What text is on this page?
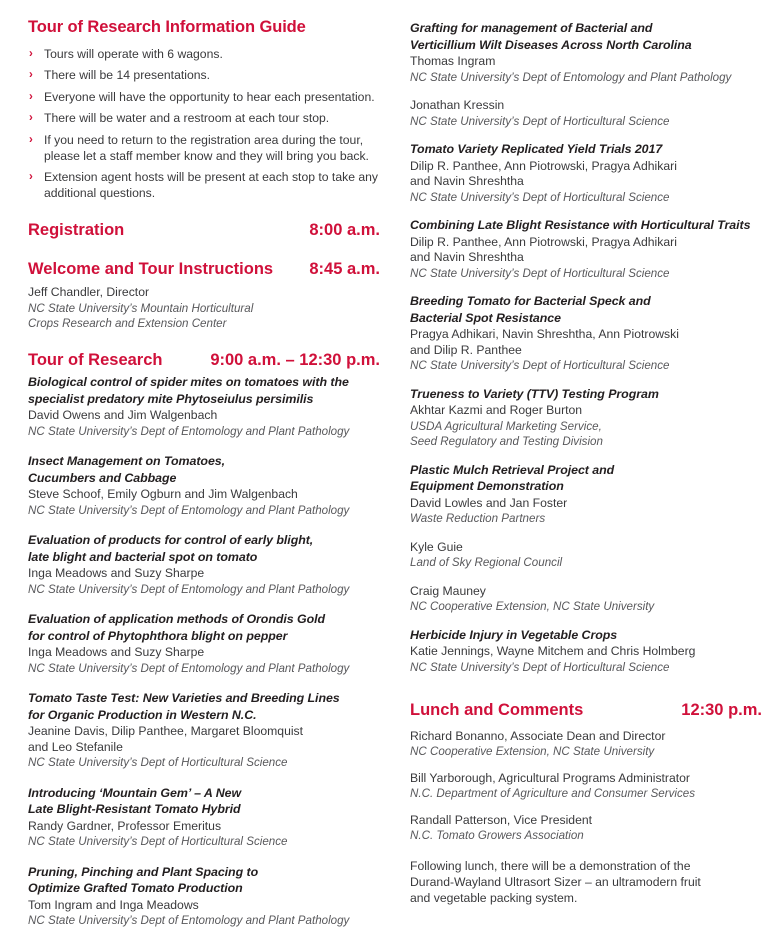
Tour of Research Information Guide
› Tours will operate with 6 wagons.
› There will be 14 presentations.
› Everyone will have the opportunity to hear each presentation.
› There will be water and a restroom at each tour stop.
› If you need to return to the registration area during the tour, please let a staff member know and they will bring you back.
› Extension agent hosts will be present at each stop to take any additional questions.
Registration	8:00 a.m.
Welcome and Tour Instructions	8:45 a.m.
Jeff Chandler, Director
NC State University’s Mountain Horticultural
Crops Research and Extension Center
Tour of Research	9:00 a.m. – 12:30 p.m.
Biological control of spider mites on tomatoes with the
specialist predatory mite Phytoseiulus persimilis
David Owens and Jim Walgenbach
NC State University’s Dept of Entomology and Plant Pathology
Insect Management on Tomatoes,
Cucumbers and Cabbage
Steve Schoof, Emily Ogburn and Jim Walgenbach
NC State University’s Dept of Entomology and Plant Pathology
Evaluation of products for control of early blight,
late blight and bacterial spot on tomato
Inga Meadows and Suzy Sharpe
NC State University’s Dept of Entomology and Plant Pathology
Evaluation of application methods of Orondis Gold
for control of Phytophthora blight on pepper
Inga Meadows and Suzy Sharpe
NC State University’s Dept of Entomology and Plant Pathology
Tomato Taste Test: New Varieties and Breeding Lines
for Organic Production in Western N.C.
Jeanine Davis, Dilip Panthee, Margaret Bloomquist
and Leo Stefanile
NC State University’s Dept of Horticultural Science
Introducing ‘Mountain Gem’ – A New
Late Blight-Resistant Tomato Hybrid
Randy Gardner, Professor Emeritus
NC State University’s Dept of Horticultural Science
Pruning, Pinching and Plant Spacing to
Optimize Grafted Tomato Production
Tom Ingram and Inga Meadows
NC State University’s Dept of Entomology and Plant Pathology
Grafting for management of Bacterial and
Verticillium Wilt Diseases Across North Carolina
Thomas Ingram
NC State University’s Dept of Entomology and Plant Pathology
Jonathan Kressin
NC State University’s Dept of Horticultural Science
Tomato Variety Replicated Yield Trials 2017
Dilip R. Panthee, Ann Piotrowski, Pragya Adhikari
and Navin Shreshtha
NC State University’s Dept of Horticultural Science
Combining Late Blight Resistance with Horticultural Traits
Dilip R. Panthee, Ann Piotrowski, Pragya Adhikari
and Navin Shreshtha
NC State University’s Dept of Horticultural Science
Breeding Tomato for Bacterial Speck and
Bacterial Spot Resistance
Pragya Adhikari, Navin Shreshtha, Ann Piotrowski
and Dilip R. Panthee
NC State University’s Dept of Horticultural Science
Trueness to Variety (TTV) Testing Program
Akhtar Kazmi and Roger Burton
USDA Agricultural Marketing Service,
Seed Regulatory and Testing Division
Plastic Mulch Retrieval Project and
Equipment Demonstration
David Lowles and Jan Foster
Waste Reduction Partners
Kyle Guie
Land of Sky Regional Council
Craig Mauney
NC Cooperative Extension, NC State University
Herbicide Injury in Vegetable Crops
Katie Jennings, Wayne Mitchem and Chris Holmberg
NC State University’s Dept of Horticultural Science
Lunch and Comments	12:30 p.m.
Richard Bonanno, Associate Dean and Director
NC Cooperative Extension, NC State University
Bill Yarborough, Agricultural Programs Administrator
N.C. Department of Agriculture and Consumer Services
Randall Patterson, Vice President
N.C. Tomato Growers Association
Following lunch, there will be a demonstration of the
Durand-Wayland Ultrasort Sizer – an ultramodern fruit
and vegetable packing system.
